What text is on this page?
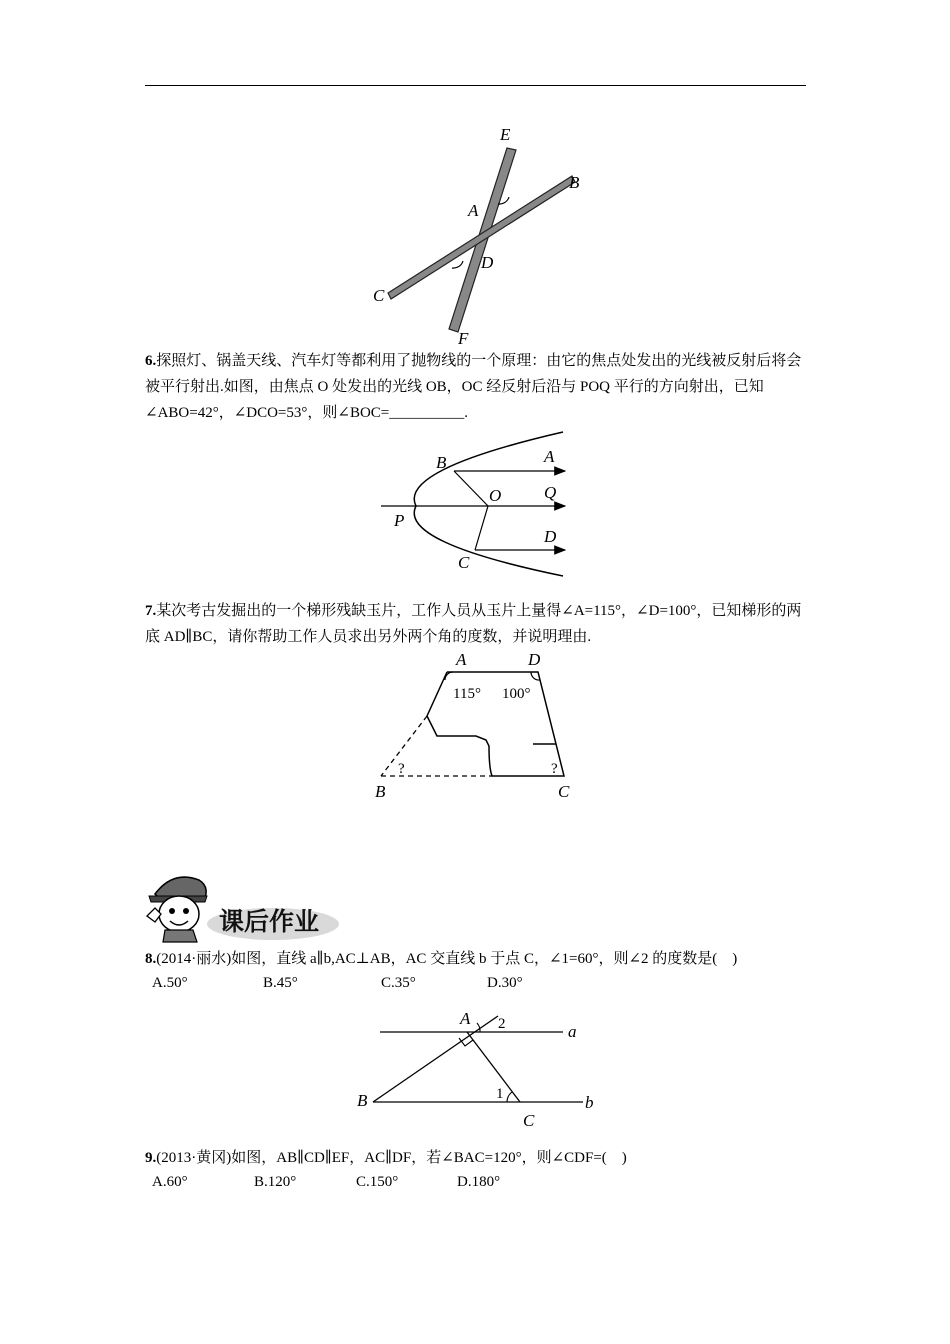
E
B
A
D
C
F
6.探照灯、锅盖天线、汽车灯等都利用了抛物线的一个原理：由它的焦点处发出的光线被反射后将会被平行射出.如图，由焦点 O 处发出的光线 OB，OC 经反射后沿与 POQ 平行的方向射出，已知∠ABO=42°，∠DCO=53°，则∠BOC=__________.
B	A
O	Q
P
D
C
7.某次考古发掘出的一个梯形残缺玉片，工作人员从玉片上量得∠A=115°，∠D=100°，已知梯形的两底 AD∥BC，请你帮助工作人员求出另外两个角的度数，并说明理由.
A	D
115° 100°
?	?
B	C
课后作业
8.(2014·丽水)如图，直线 a∥b,AC⊥AB，AC 交直线 b 于点 C，∠1=60°，则∠2 的度数是(　)
A.50°	B.45°	C.35°	D.30°
A 2	a
B	1
C
b
9.(2013·黄冈)如图，AB∥CD∥EF，AC∥DF，若∠BAC=120°，则∠CDF=(　)
A.60°	B.120°	C.150°	D.180°
